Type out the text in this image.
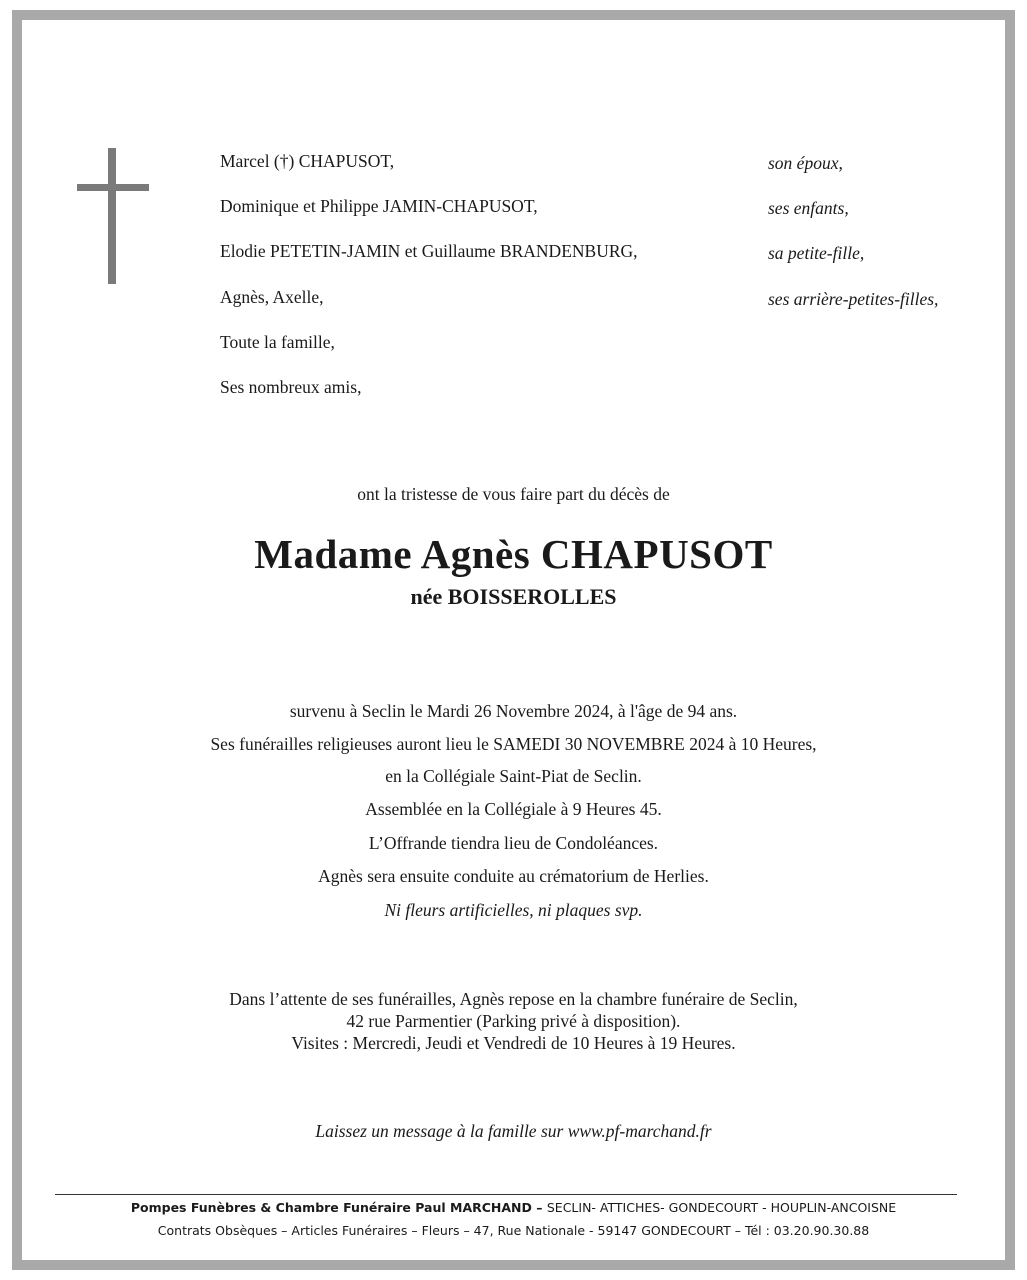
Marcel (†) CHAPUSOT,	son époux,
Dominique et Philippe JAMIN-CHAPUSOT,	ses enfants,
Elodie PETETIN-JAMIN et Guillaume BRANDENBURG,	sa petite-fille,
Agnès, Axelle,	ses arrière-petites-filles,
Toute la famille,
Ses nombreux amis,
ont la tristesse de vous faire part du décès de
Madame Agnès CHAPUSOT
née BOISSEROLLES
survenu à Seclin le Mardi 26 Novembre 2024, à l'âge de 94 ans.
Ses funérailles religieuses auront lieu le SAMEDI 30 NOVEMBRE 2024 à 10 Heures,
en la Collégiale Saint-Piat de Seclin.
Assemblée en la Collégiale à 9 Heures 45.
L’Offrande tiendra lieu de Condoléances.
Agnès sera ensuite conduite au crématorium de Herlies.
Ni fleurs artificielles, ni plaques svp.
Dans l’attente de ses funérailles, Agnès repose en la chambre funéraire de Seclin,
42 rue Parmentier (Parking privé à disposition).
Visites : Mercredi, Jeudi et Vendredi de 10 Heures à 19 Heures.
Laissez un message à la famille sur www.pf-marchand.fr
Pompes Funèbres & Chambre Funéraire Paul MARCHAND – SECLIN- ATTICHES- GONDECOURT - HOUPLIN-ANCOISNE
Contrats Obsèques – Articles Funéraires – Fleurs – 47, Rue Nationale - 59147 GONDECOURT – Tél : 03.20.90.30.88
